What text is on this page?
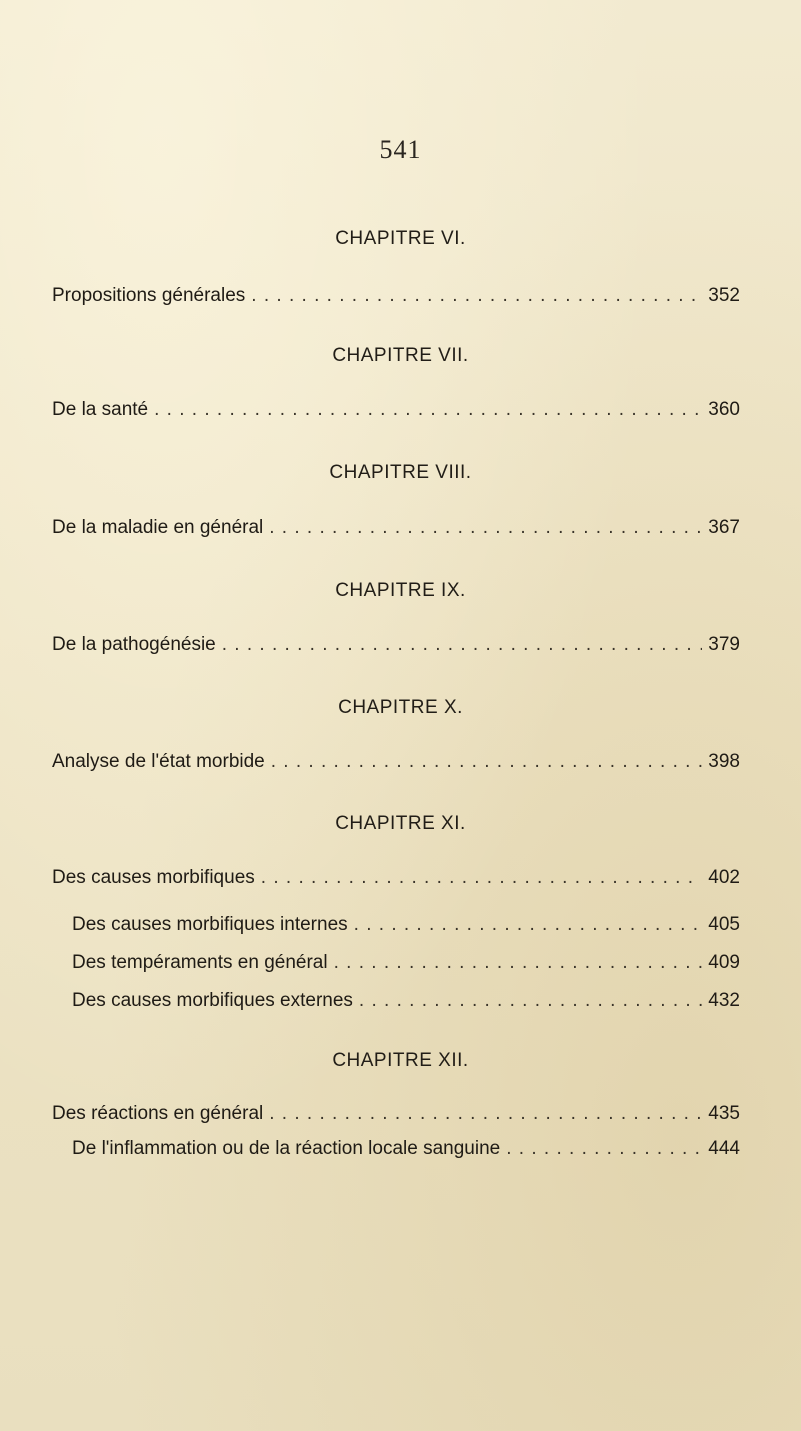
541
CHAPITRE VI.
Propositions générales . . .	352
CHAPITRE VII.
De la santé . . .	360
CHAPITRE VIII.
De la maladie en général . . .	367
CHAPITRE IX.
De la pathogénésie . . .	379
CHAPITRE X.
Analyse de l'état morbide . . .	398
CHAPITRE XI.
Des causes morbifiques . . .	402
Des causes morbifiques internes . . .	405
Des tempéraments en général . . .	409
Des causes morbifiques externes . . .	432
CHAPITRE XII.
Des réactions en général . . .	435
De l'inflammation ou de la réaction locale sanguine . . .	444
